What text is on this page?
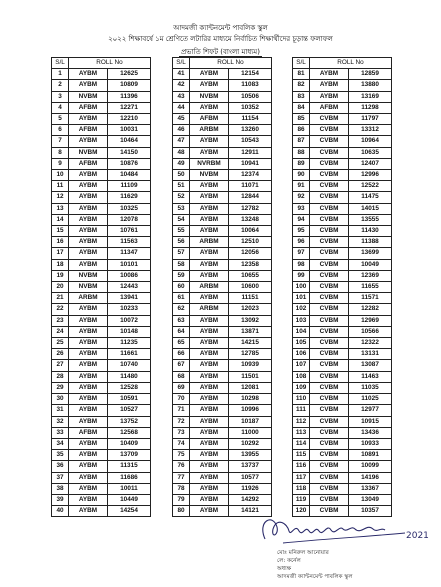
আদমজী ক্যান্টনমেন্ট পাবলিক স্কুল
২০২২ শিক্ষাবর্ষে ১ম শ্রেণিতে লটারির মাধ্যমে নির্বাচিত শিক্ষার্থীদের চূড়ান্ত ফলাফল
প্রভাতি শিফট (বাংলা মাধ্যম)
S/L	ROLL No	
1	AYBM	12625
2	AYBM	10809
3	NVBM	11396
4	AFBM	12271
5	AYBM	12210
6	AFBM	10031
7	AYBM	10464
8	NVBM	14150
9	AFBM	10876
10	AYBM	10484
11	AYBM	11109
12	AYBM	11629
13	AYBM	10325
14	AYBM	12078
15	AYBM	10761
16	AYBM	11563
17	AYBM	11347
18	AYBM	10101
19	NVBM	10086
20	NVBM	12443
21	ARBM	13941
22	AYBM	10233
23	AYBM	10072
24	AYBM	10148
25	AYBM	11235
26	AYBM	11661
27	AYBM	10740
28	AYBM	11480
29	AYBM	12528
30	AYBM	10591
31	AYBM	10527
32	AYBM	13752
33	AFBM	12568
34	AYBM	10409
35	AYBM	13709
36	AYBM	11315
37	AYBM	11686
38	AYBM	10011
39	AYBM	10449
40	AYBM	14254
S/L	ROLL No	
41	AYBM	12154
42	AYBM	11083
43	NVBM	10506
44	AYBM	10352
45	AFBM	11154
46	ARBM	13260
47	AYBM	10543
48	AYBM	12911
49	NVRBM	10941
50	NVBM	12374
51	AYBM	11071
52	AYBM	12844
53	AYBM	12782
54	AYBM	13248
55	AYBM	10064
56	ARBM	12510
57	AYBM	12056
58	AYBM	12358
59	AYBM	10655
60	ARBM	10600
61	AYBM	11151
62	ARBM	12023
63	AYBM	13092
64	AYBM	13871
65	AYBM	14215
66	AYBM	12785
67	AYBM	10939
68	AYBM	11501
69	AYBM	12081
70	AYBM	10298
71	AYBM	10996
72	AYBM	10187
73	AYBM	11000
74	AYBM	10292
75	AYBM	13955
76	AYBM	13737
77	AYBM	10577
78	AYBM	11926
79	AYBM	14292
80	AYBM	14121
S/L	ROLL No	
81	AYBM	12859
82	AYBM	13880
83	AYBM	13169
84	AFBM	11298
85	CVBM	11797
86	CVBM	13312
87	CVBM	10964
88	CVBM	10635
89	CVBM	12407
90	CVBM	12996
91	CVBM	12522
92	CVBM	11475
93	CVBM	14015
94	CVBM	13555
95	CVBM	11430
96	CVBM	11388
97	CVBM	13699
98	CVBM	10049
99	CVBM	12369
100	CVBM	11655
101	CVBM	11571
102	CVBM	12282
103	CVBM	12969
104	CVBM	10566
105	CVBM	12322
106	CVBM	13131
107	CVBM	13087
108	CVBM	11463
109	CVBM	11035
110	CVBM	11025
111	CVBM	12977
112	CVBM	10915
113	CVBM	13436
114	CVBM	10933
115	CVBM	10891
116	CVBM	10099
117	CVBM	14196
118	CVBM	13367
119	CVBM	13049
120	CVBM	10357
2021
মোঃ মনিরুল আনোয়ার
লে: কর্নেল
অধ্যক্ষ
আদমজী ক্যান্টনমেন্ট পাবলিক স্কুল
